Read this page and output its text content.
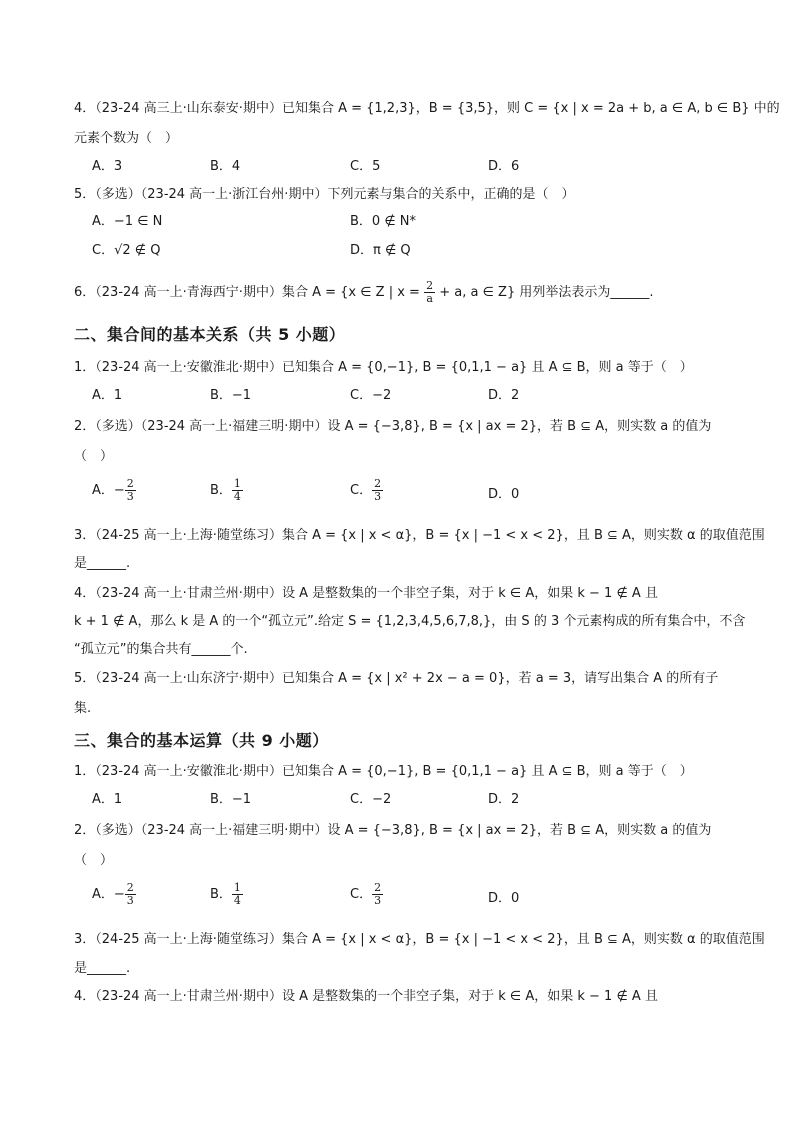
4．（23-24 高三上·山东泰安·期中）已知集合 A = {1,2,3}，B = {3,5}，则 C = {x | x = 2a + b, a ∈ A, b ∈ B} 中的
元素个数为（　）
A．3	B．4	C．5	D．6
5．（多选）（23-24 高一上·浙江台州·期中）下列元素与集合的关系中，正确的是（　）
A．−1 ∈ N	B．0 ∉ N*
C．√2 ∉ Q	D．π ∉ Q
6．（23-24 高一上·青海西宁·期中）集合 A = {x ∈ Z | $x = \frac{2}{a} + a$, a ∈ Z} 用列举法表示为______.
二、集合间的基本关系（共 5 小题）
1．（23-24 高一上·安徽淮北·期中）已知集合 A = {0,−1}, B = {0,1,1 − a} 且 A ⊆ B，则 a 等于（　）
A．1	B．−1	C．−2	D．2
2．（多选）（23-24 高一上·福建三明·期中）设 A = {−3,8}, B = {x | ax = 2}，若 B ⊆ A，则实数 a 的值为
（　）
A．− $\frac{2}{3}$	B． $\frac{1}{4}$	C． $\frac{2}{3}$	D．0
3．（24-25 高一上·上海·随堂练习）集合 A = {x | x < α}，B = {x | −1 < x < 2}，且 B ⊆ A，则实数 α 的取值范围
是______.
4．（23-24 高一上·甘肃兰州·期中）设 A 是整数集的一个非空子集，对于 k ∈ A，如果 k − 1 ∉ A 且
k + 1 ∉ A，那么 k 是 A 的一个“孤立元”.给定 S = {1,2,3,4,5,6,7,8,}，由 S 的 3 个元素构成的所有集合中，不含
“孤立元”的集合共有______个.
5．（23-24 高一上·山东济宁·期中）已知集合 A = {x | x² + 2x − a = 0}，若 a = 3，请写出集合 A 的所有子
集.
三、集合的基本运算（共 9 小题）
1．（23-24 高一上·安徽淮北·期中）已知集合 A = {0,−1}, B = {0,1,1 − a} 且 A ⊆ B，则 a 等于（　）
A．1	B．−1	C．−2	D．2
2．（多选）（23-24 高一上·福建三明·期中）设 A = {−3,8}, B = {x | ax = 2}，若 B ⊆ A，则实数 a 的值为
（　）
A．− $\frac{2}{3}$	B． $\frac{1}{4}$	C． $\frac{2}{3}$	D．0
3．（24-25 高一上·上海·随堂练习）集合 A = {x | x < α}，B = {x | −1 < x < 2}，且 B ⊆ A，则实数 α 的取值范围
是______.
4．（23-24 高一上·甘肃兰州·期中）设 A 是整数集的一个非空子集，对于 k ∈ A，如果 k − 1 ∉ A 且
